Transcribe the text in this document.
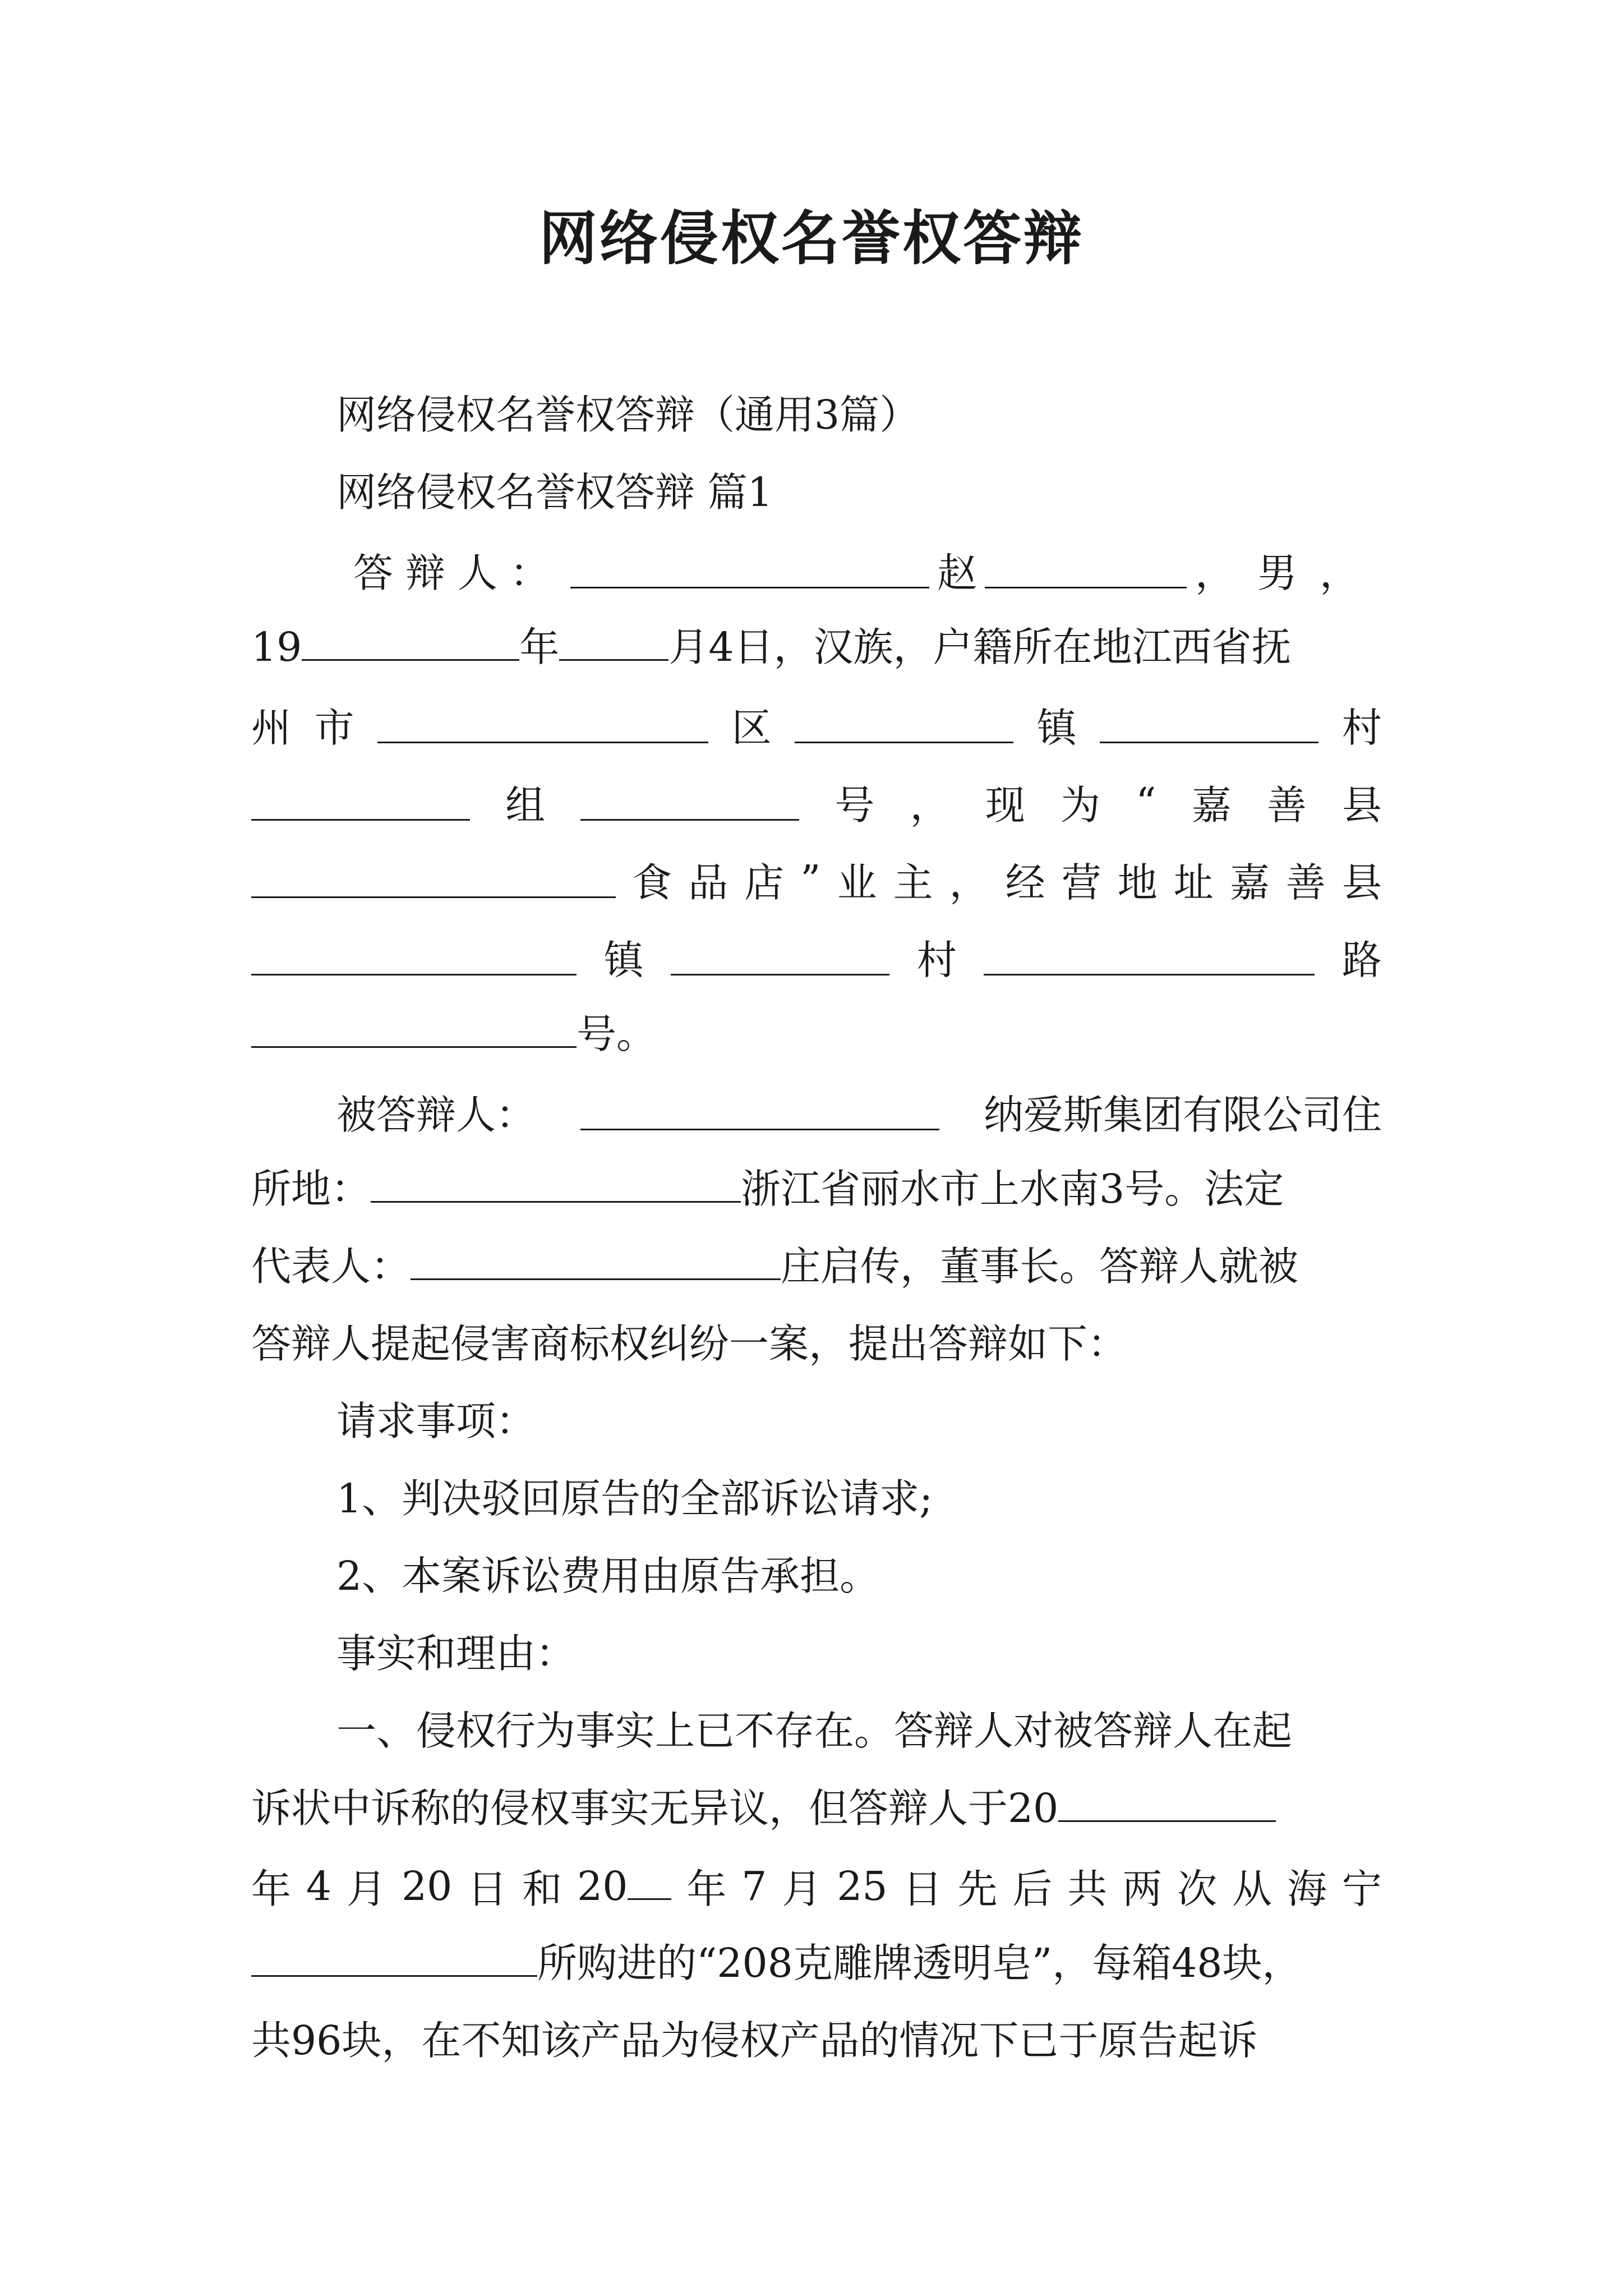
网络侵权名誉权答辩
网络侵权名誉权答辩（通用3篇）
网络侵权名誉权答辩 篇1
答辩人：	赵	，男，
19	年	月4日，汉族，户籍所在地江西省抚
州 市	区	镇	村
组	号 ， 现 为 “ 嘉 善 县
食 品 店 ” 业 主 ， 经 营 地 址 嘉 善 县
镇	村	路
号。
被答辩人：	纳爱斯集团有限公司住
所地：	浙江省丽水市上水南3号。法定
代表人：	庄启传，董事长。答辩人就被
答辩人提起侵害商标权纠纷一案，提出答辩如下：
请求事项：
1、判决驳回原告的全部诉讼请求;
2、本案诉讼费用由原告承担。
事实和理由：
一、侵权行为事实上已不存在。答辩人对被答辩人在起
诉状中诉称的侵权事实无异议，但答辩人于20
年 4 月 20 日 和 20 年 7 月 25 日 先 后 共 两 次 从 海 宁
所购进的“208克雕牌透明皂”，每箱48块，
共96块，在不知该产品为侵权产品的情况下已于原告起诉
